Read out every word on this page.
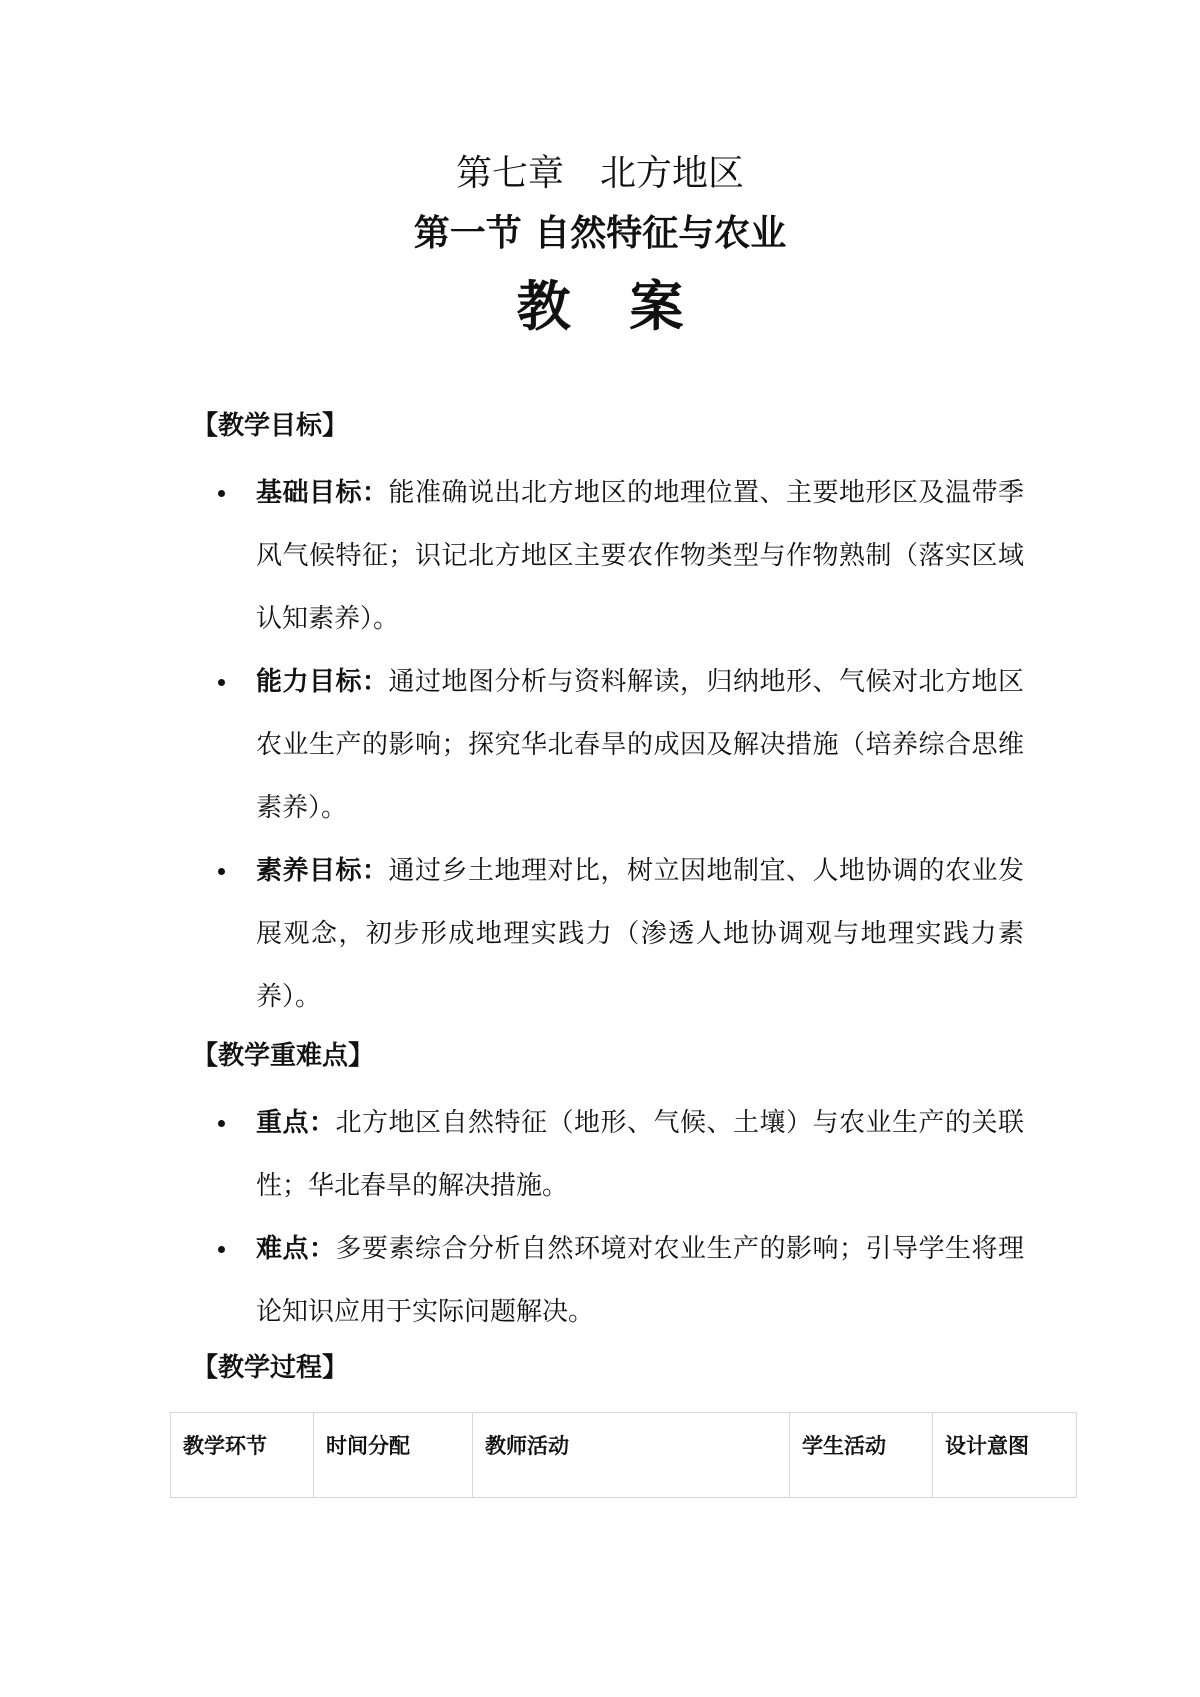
第七章　北方地区
第一节 自然特征与农业
教 案
【教学目标】
基础目标：能准确说出北方地区的地理位置、主要地形区及温带季风气候特征；识记北方地区主要农作物类型与作物熟制（落实区域认知素养）。
能力目标：通过地图分析与资料解读，归纳地形、气候对北方地区农业生产的影响；探究华北春旱的成因及解决措施（培养综合思维素养）。
素养目标：通过乡土地理对比，树立因地制宜、人地协调的农业发展观念，初步形成地理实践力（渗透人地协调观与地理实践力素养）。
【教学重难点】
重点：北方地区自然特征（地形、气候、土壤）与农业生产的关联性；华北春旱的解决措施。
难点：多要素综合分析自然环境对农业生产的影响；引导学生将理论知识应用于实际问题解决。
【教学过程】
教学环节	时间分配	教师活动	学生活动	设计意图
